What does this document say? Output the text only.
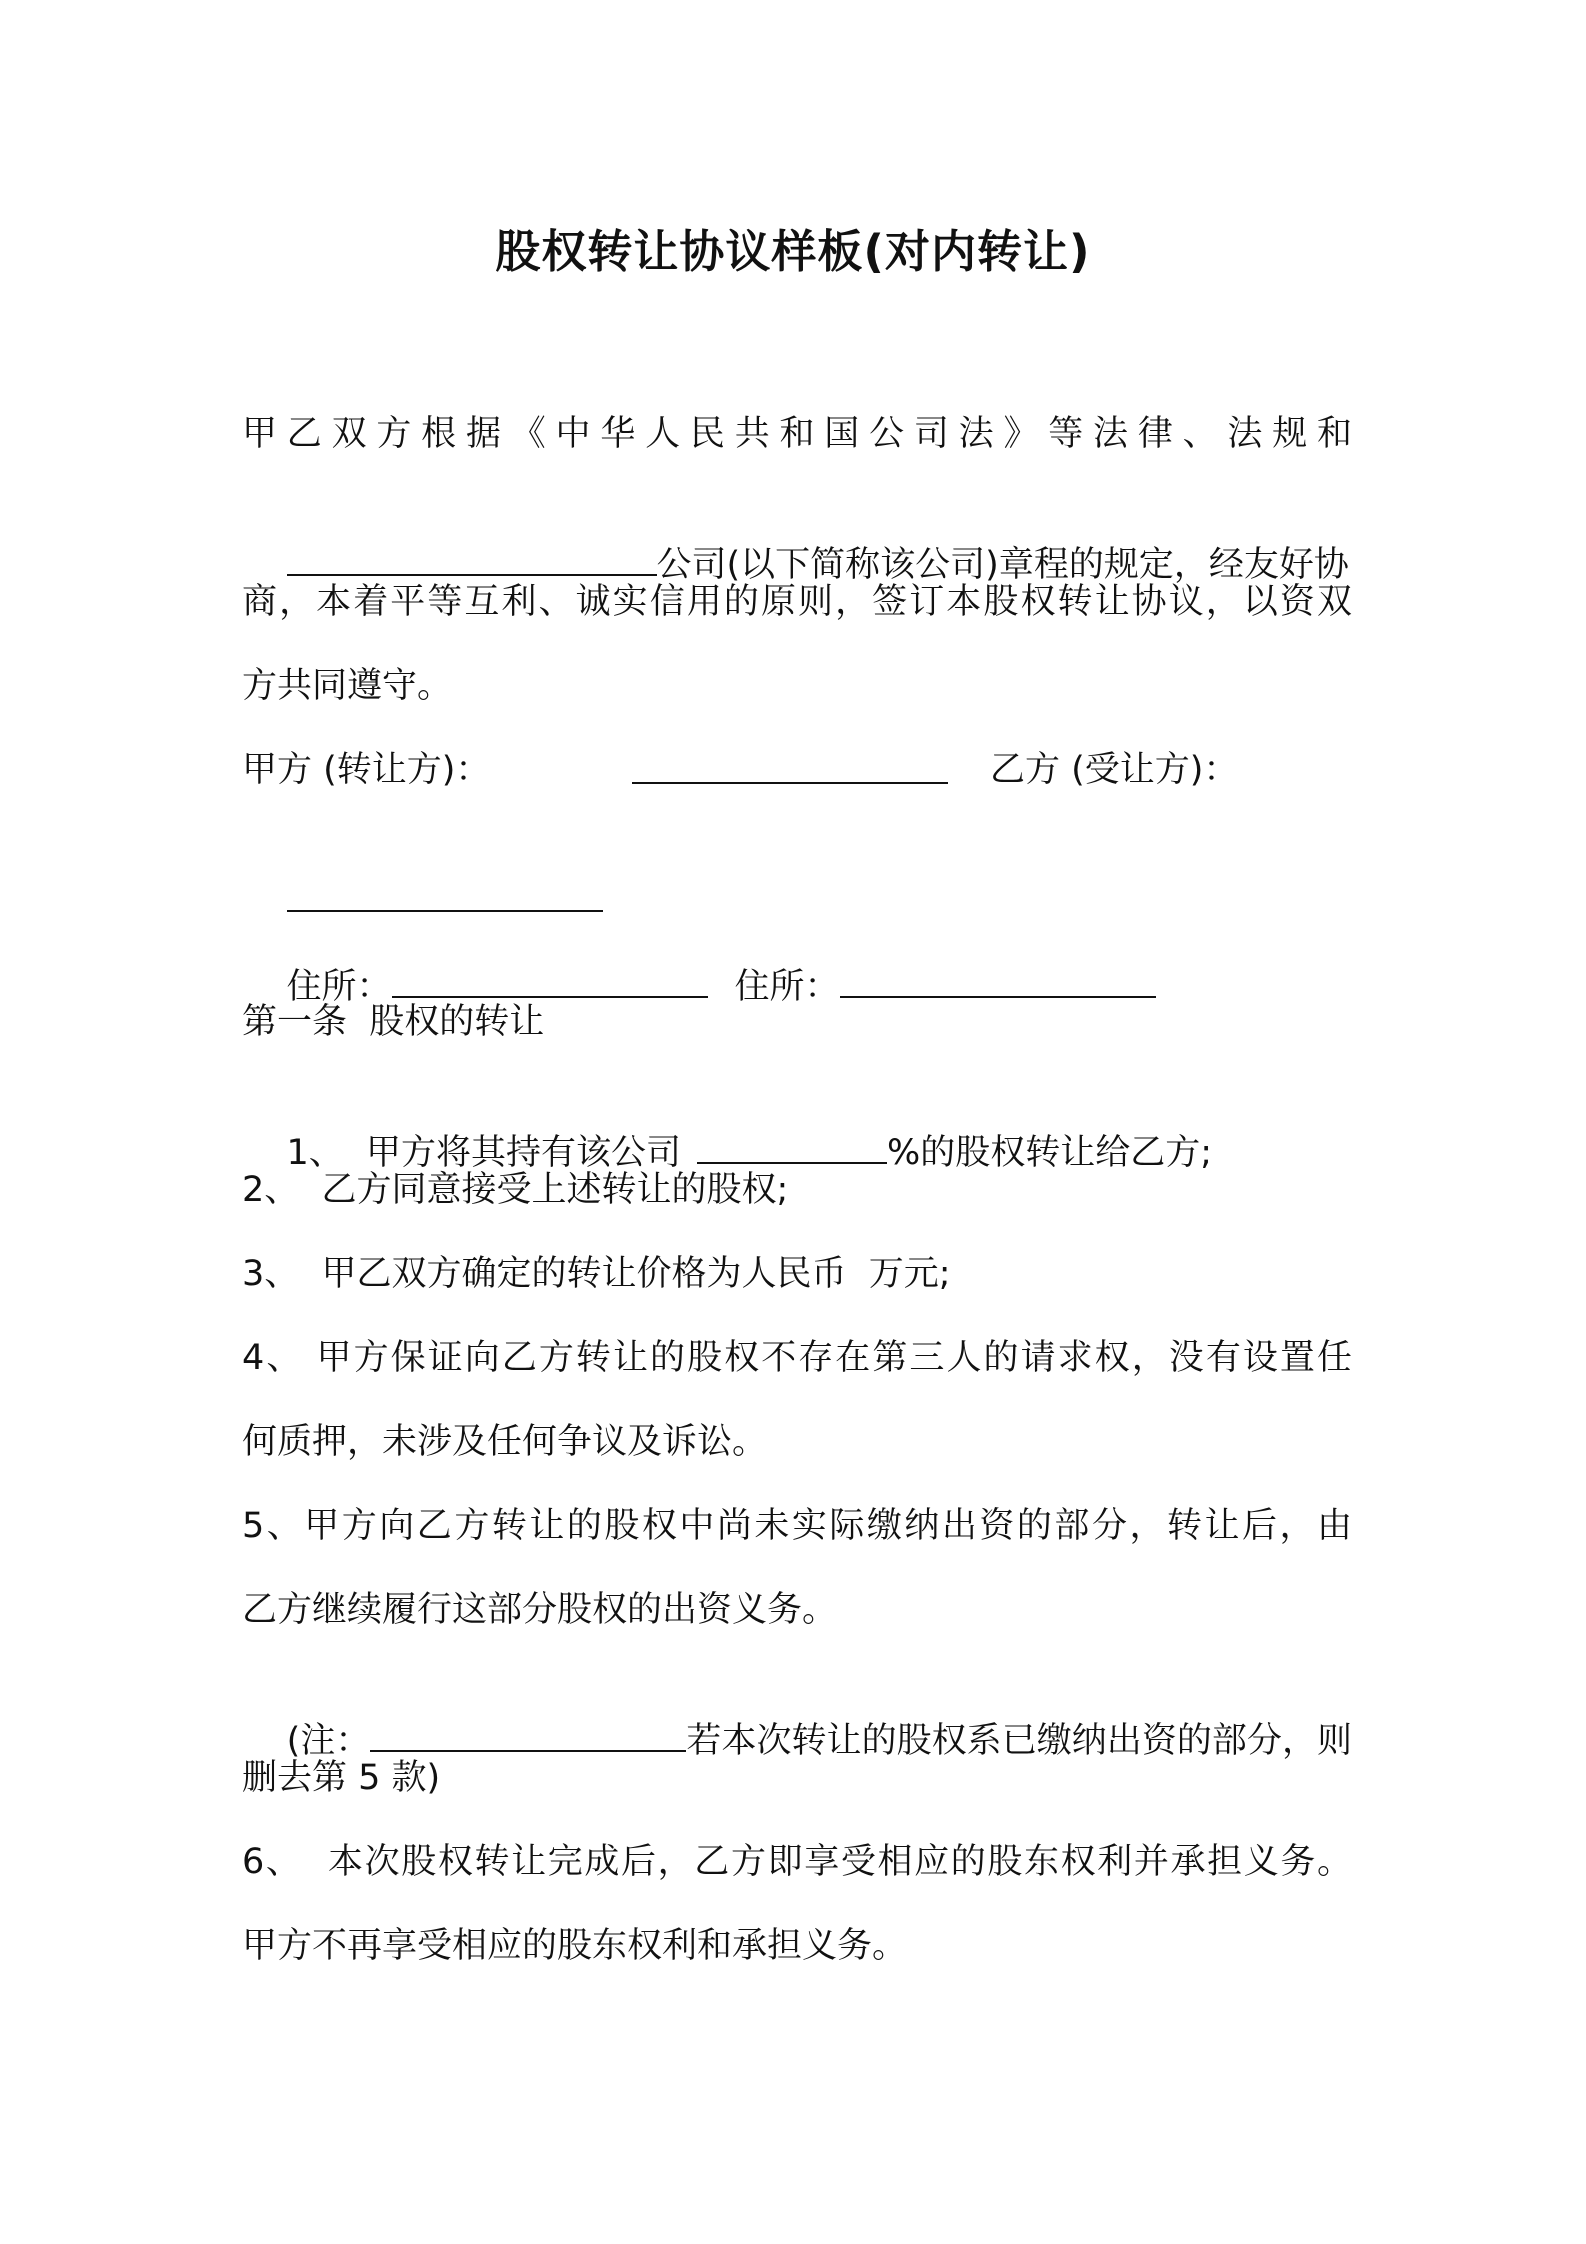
股权转让协议样板(对内转让)
甲乙双方根据《中华人民共和国公司法》等法律、法规和

公司(以下简称该公司)章程的规定，经友好协

商，本着平等互利、诚实信用的原则，签订本股权转让协议，以资双
方共同遵守。
甲方 (转让方)：	乙方 (受让方)：

住所：
	住所：

第一条  股权的转让

1、  甲方将其持有该公司	%的股权转让给乙方;

2、  乙方同意接受上述转让的股权;
3、  甲乙双方确定的转让价格为人民币  万元;
4、 甲方保证向乙方转让的股权不存在第三人的请求权，没有设置任
何质押，未涉及任何争议及诉讼。
5、甲方向乙方转让的股权中尚未实际缴纳出资的部分，转让后，由
乙方继续履行这部分股权的出资义务。

(注：	若本次转让的股权系已缴纳出资的部分，则

删去第 5 款)
6、  本次股权转让完成后，乙方即享受相应的股东权利并承担义务。
甲方不再享受相应的股东权利和承担义务。
